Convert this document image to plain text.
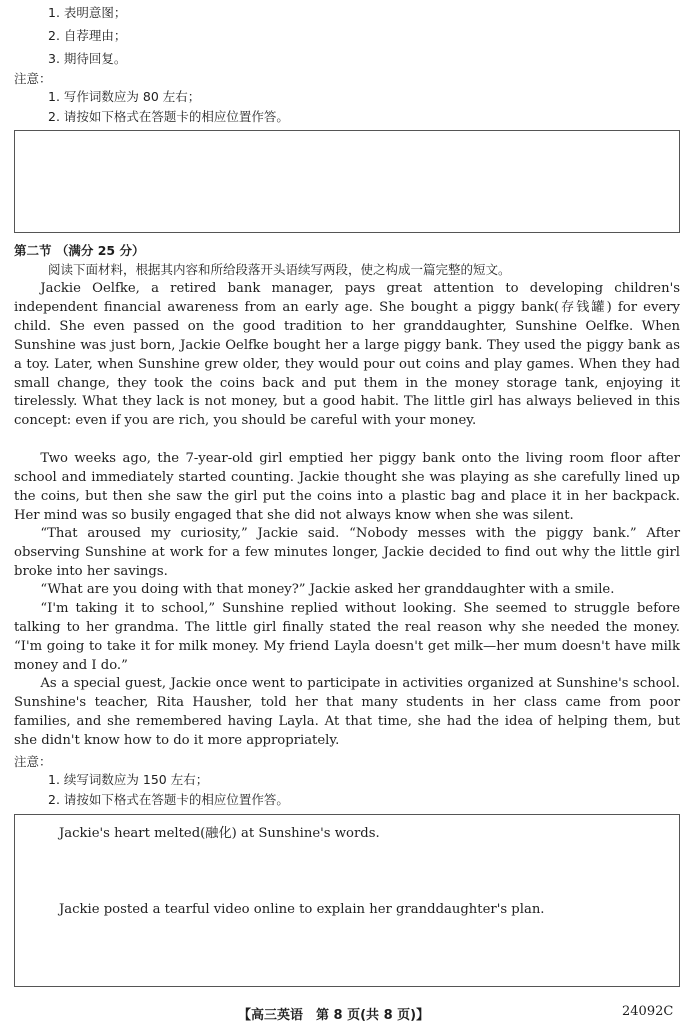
1. 表明意图；
2. 自荐理由；
3. 期待回复。
注意：
1. 写作词数应为 80 左右；
2. 请按如下格式在答题卡的相应位置作答。
第二节 （满分 25 分）
阅读下面材料，根据其内容和所给段落开头语续写两段，使之构成一篇完整的短文。

Jackie Oelfke, a retired bank manager, pays great attention to developing children's independent financial awareness from an early age. She bought a piggy bank(存钱罐) for every child. She even passed on the good tradition to her granddaughter, Sunshine Oelfke. When Sunshine was just born, Jackie Oelfke bought her a large piggy bank. They used the piggy bank as a toy. Later, when Sunshine grew older, they would pour out coins and play games. When they had small change, they took the coins back and put them in the money storage tank, enjoying it tirelessly. What they lack is not money, but a good habit. The little girl has always believed in this concept: even if you are rich, you should be careful with your money.

Two weeks ago, the 7-year-old girl emptied her piggy bank onto the living room floor after school and immediately started counting. Jackie thought she was playing as she carefully lined up the coins, but then she saw the girl put the coins into a plastic bag and place it in her backpack. Her mind was so busily engaged that she did not always know when she was silent.

“That aroused my curiosity,” Jackie said. “Nobody messes with the piggy bank.” After observing Sunshine at work for a few minutes longer, Jackie decided to find out why the little girl broke into her savings.

“What are you doing with that money?” Jackie asked her granddaughter with a smile.

“I'm taking it to school,” Sunshine replied without looking. She seemed to struggle before talking to her grandma. The little girl finally stated the real reason why she needed the money. “I'm going to take it for milk money. My friend Layla doesn't get milk—her mum doesn't have milk money and I do.”

As a special guest, Jackie once went to participate in activities organized at Sunshine's school. Sunshine's teacher, Rita Hausher, told her that many students in her class came from poor families, and she remembered having Layla. At that time, she had the idea of helping them, but she didn't know how to do it more appropriately.

注意：
1. 续写词数应为 150 左右；
2. 请按如下格式在答题卡的相应位置作答。
Jackie's heart melted(融化) at Sunshine's words.
Jackie posted a tearful video online to explain her granddaughter's plan.
【高三英语　第 8 页(共 8 页)】	24092C
